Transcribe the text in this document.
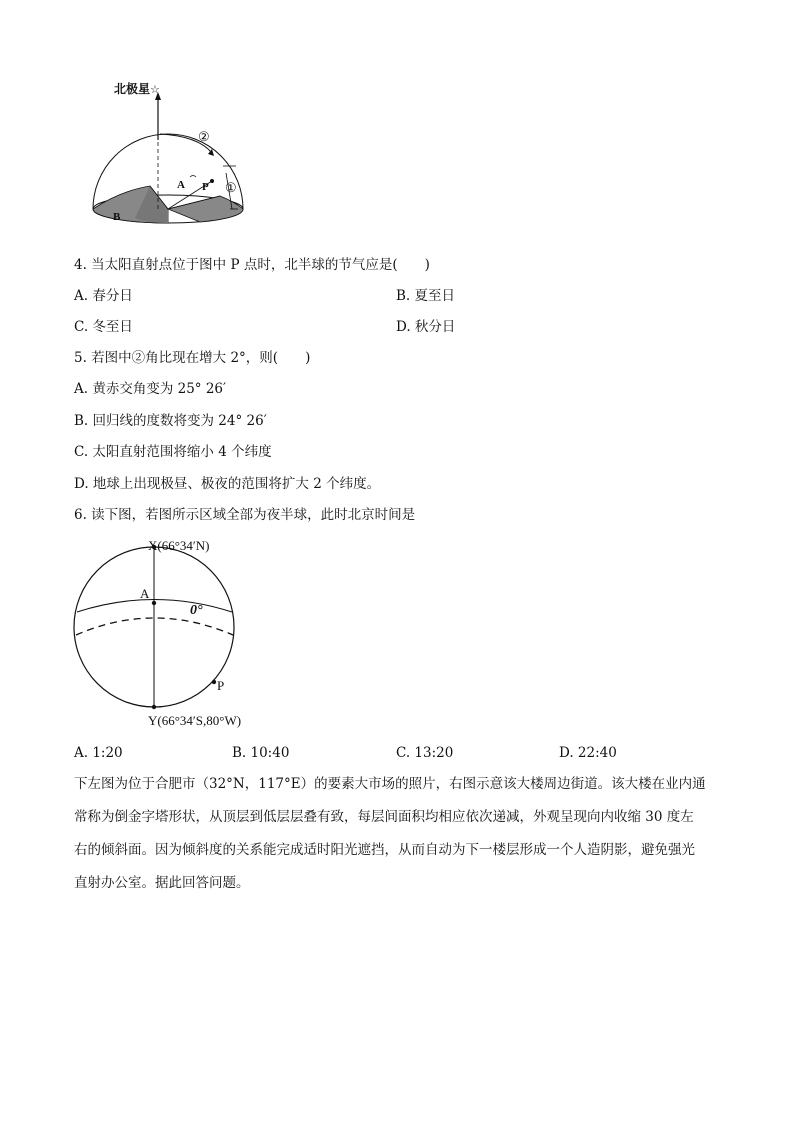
北极星 ☆
②
①
A P
B
4. 当太阳直射点位于图中 P 点时，北半球的节气应是(　　)
A. 春分日	B. 夏至日
C. 冬至日	D. 秋分日
5. 若图中②角比现在增大 2°，则(　　)
A. 黄赤交角变为 25° 26′
B. 回归线的度数将变为 24° 26′
C. 太阳直射范围将缩小 4 个纬度
D. 地球上出现极昼、极夜的范围将扩大 2 个纬度。
6. 读下图，若图所示区域全部为夜半球，此时北京时间是
X(66°34′N)
A
0°
P
Y(66°34′S,80°W)
A. 1:20	B. 10:40	C. 13:20	D. 22:40
下左图为位于合肥市（32°N，117°E）的要素大市场的照片，右图示意该大楼周边街道。该大楼在业内通
常称为倒金字塔形状，从顶层到低层层叠有致，每层间面积均相应依次递减，外观呈现向内收缩 30 度左
右的倾斜面。因为倾斜度的关系能完成适时阳光遮挡，从而自动为下一楼层形成一个人造阴影，避免强光
直射办公室。据此回答问题。
